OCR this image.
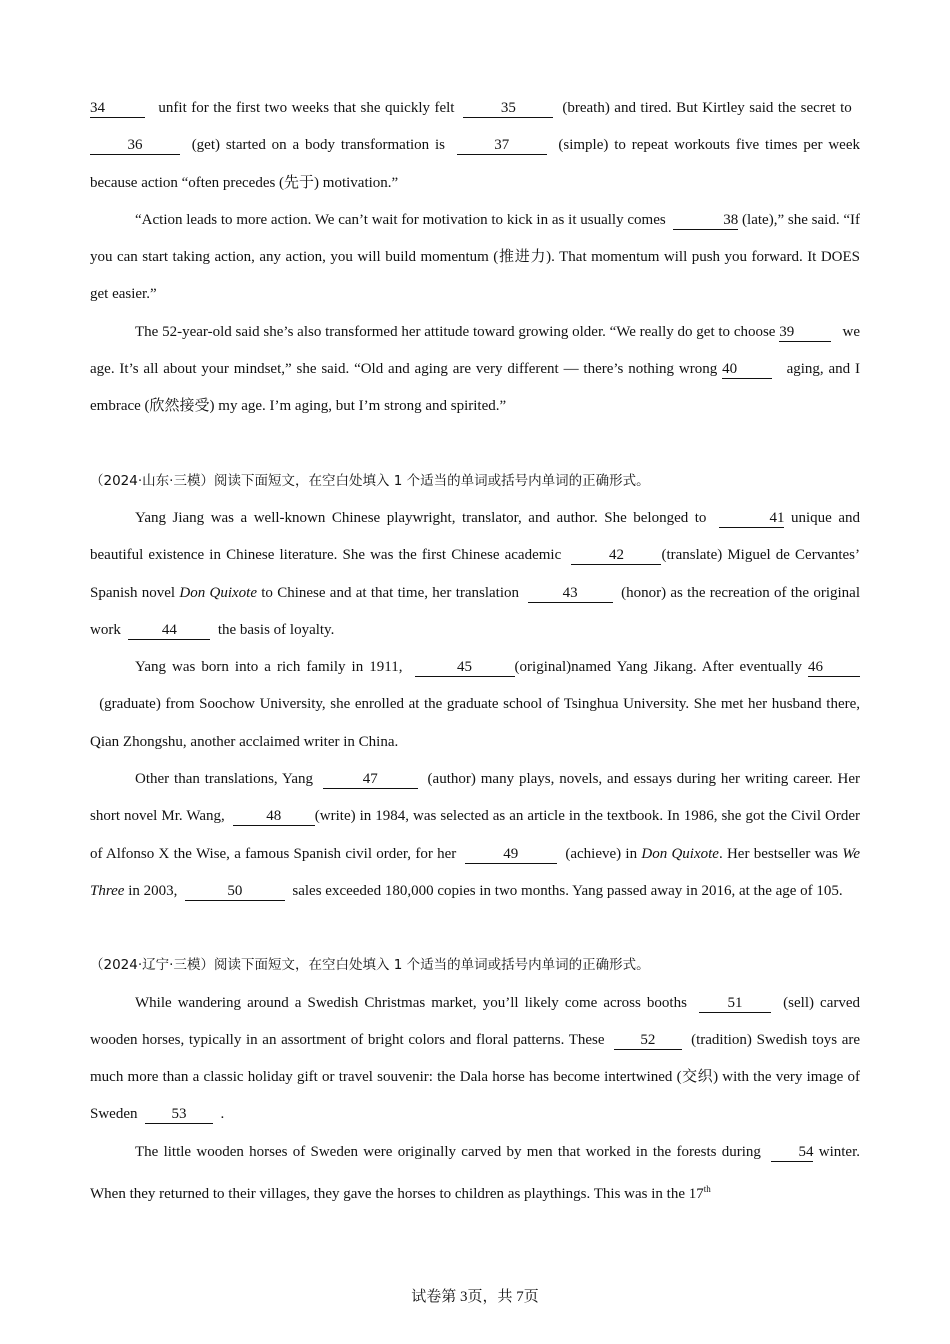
34	unfit for the first two weeks that she quickly felt	35	(breath) and tired. But Kirtley said the secret to  36	(get) started on a body transformation is	37	(simple) to repeat workouts five times per week because action “often precedes (先于) motivation.”

“Action leads to more action. We can’t wait for motivation to kick in as it usually comes	38 (late),” she said. “If you can start taking action, any action, you will build momentum (推进力). That momentum will push you forward. It DOES get easier.”

The 52-year-old said she’s also transformed her attitude toward growing older. “We really do get to choose 39	we age. It’s all about your mindset,” she said. “Old and aging are very different — there’s nothing wrong 40	aging, and I embrace (欣然接受) my age. I’m aging, but I’m strong and spirited.”

（2024·山东·三模）阅读下面短文，在空白处填入 1 个适当的单词或括号内单词的正确形式。

Yang Jiang was a well-known Chinese playwright, translator, and author. She belonged to	41 unique and beautiful existence in Chinese literature. She was the first Chinese academic	42	(translate) Miguel de Cervantes’ Spanish novel Don Quixote to Chinese and at that time, her translation	43	(honor) as the recreation of the original work	44	the basis of loyalty.

Yang was born into a rich family in 1911,	45	(original)named Yang Jikang. After eventually 46   (graduate) from Soochow University, she enrolled at the graduate school of Tsinghua University. She met her husband there, Qian Zhongshu, another acclaimed writer in China.

Other than translations, Yang	47	(author) many plays, novels, and essays during her writing career. Her short novel Mr. Wang,	48 (write) in 1984, was selected as an article in the textbook. In 1986, she got the Civil Order of Alfonso X the Wise, a famous Spanish civil order, for her	49	(achieve) in Don Quixote. Her bestseller was We Three in 2003,	50	sales exceeded 180,000 copies in two months. Yang passed away in 2016, at the age of 105.

（2024·辽宁·三模）阅读下面短文，在空白处填入 1 个适当的单词或括号内单词的正确形式。

While wandering around a Swedish Christmas market, you’ll likely come across booths	51	(sell) carved wooden horses, typically in an assortment of bright colors and floral patterns. These 52 (tradition) Swedish toys are much more than a classic holiday gift or travel souvenir: the Dala horse has become intertwined (交织) with the very image of Sweden 53 .

The little wooden horses of Sweden were originally carved by men that worked in the forests during	54 winter. When they returned to their villages, they gave the horses to children as playthings. This was in the 17th

试卷第 3页，共 7页
